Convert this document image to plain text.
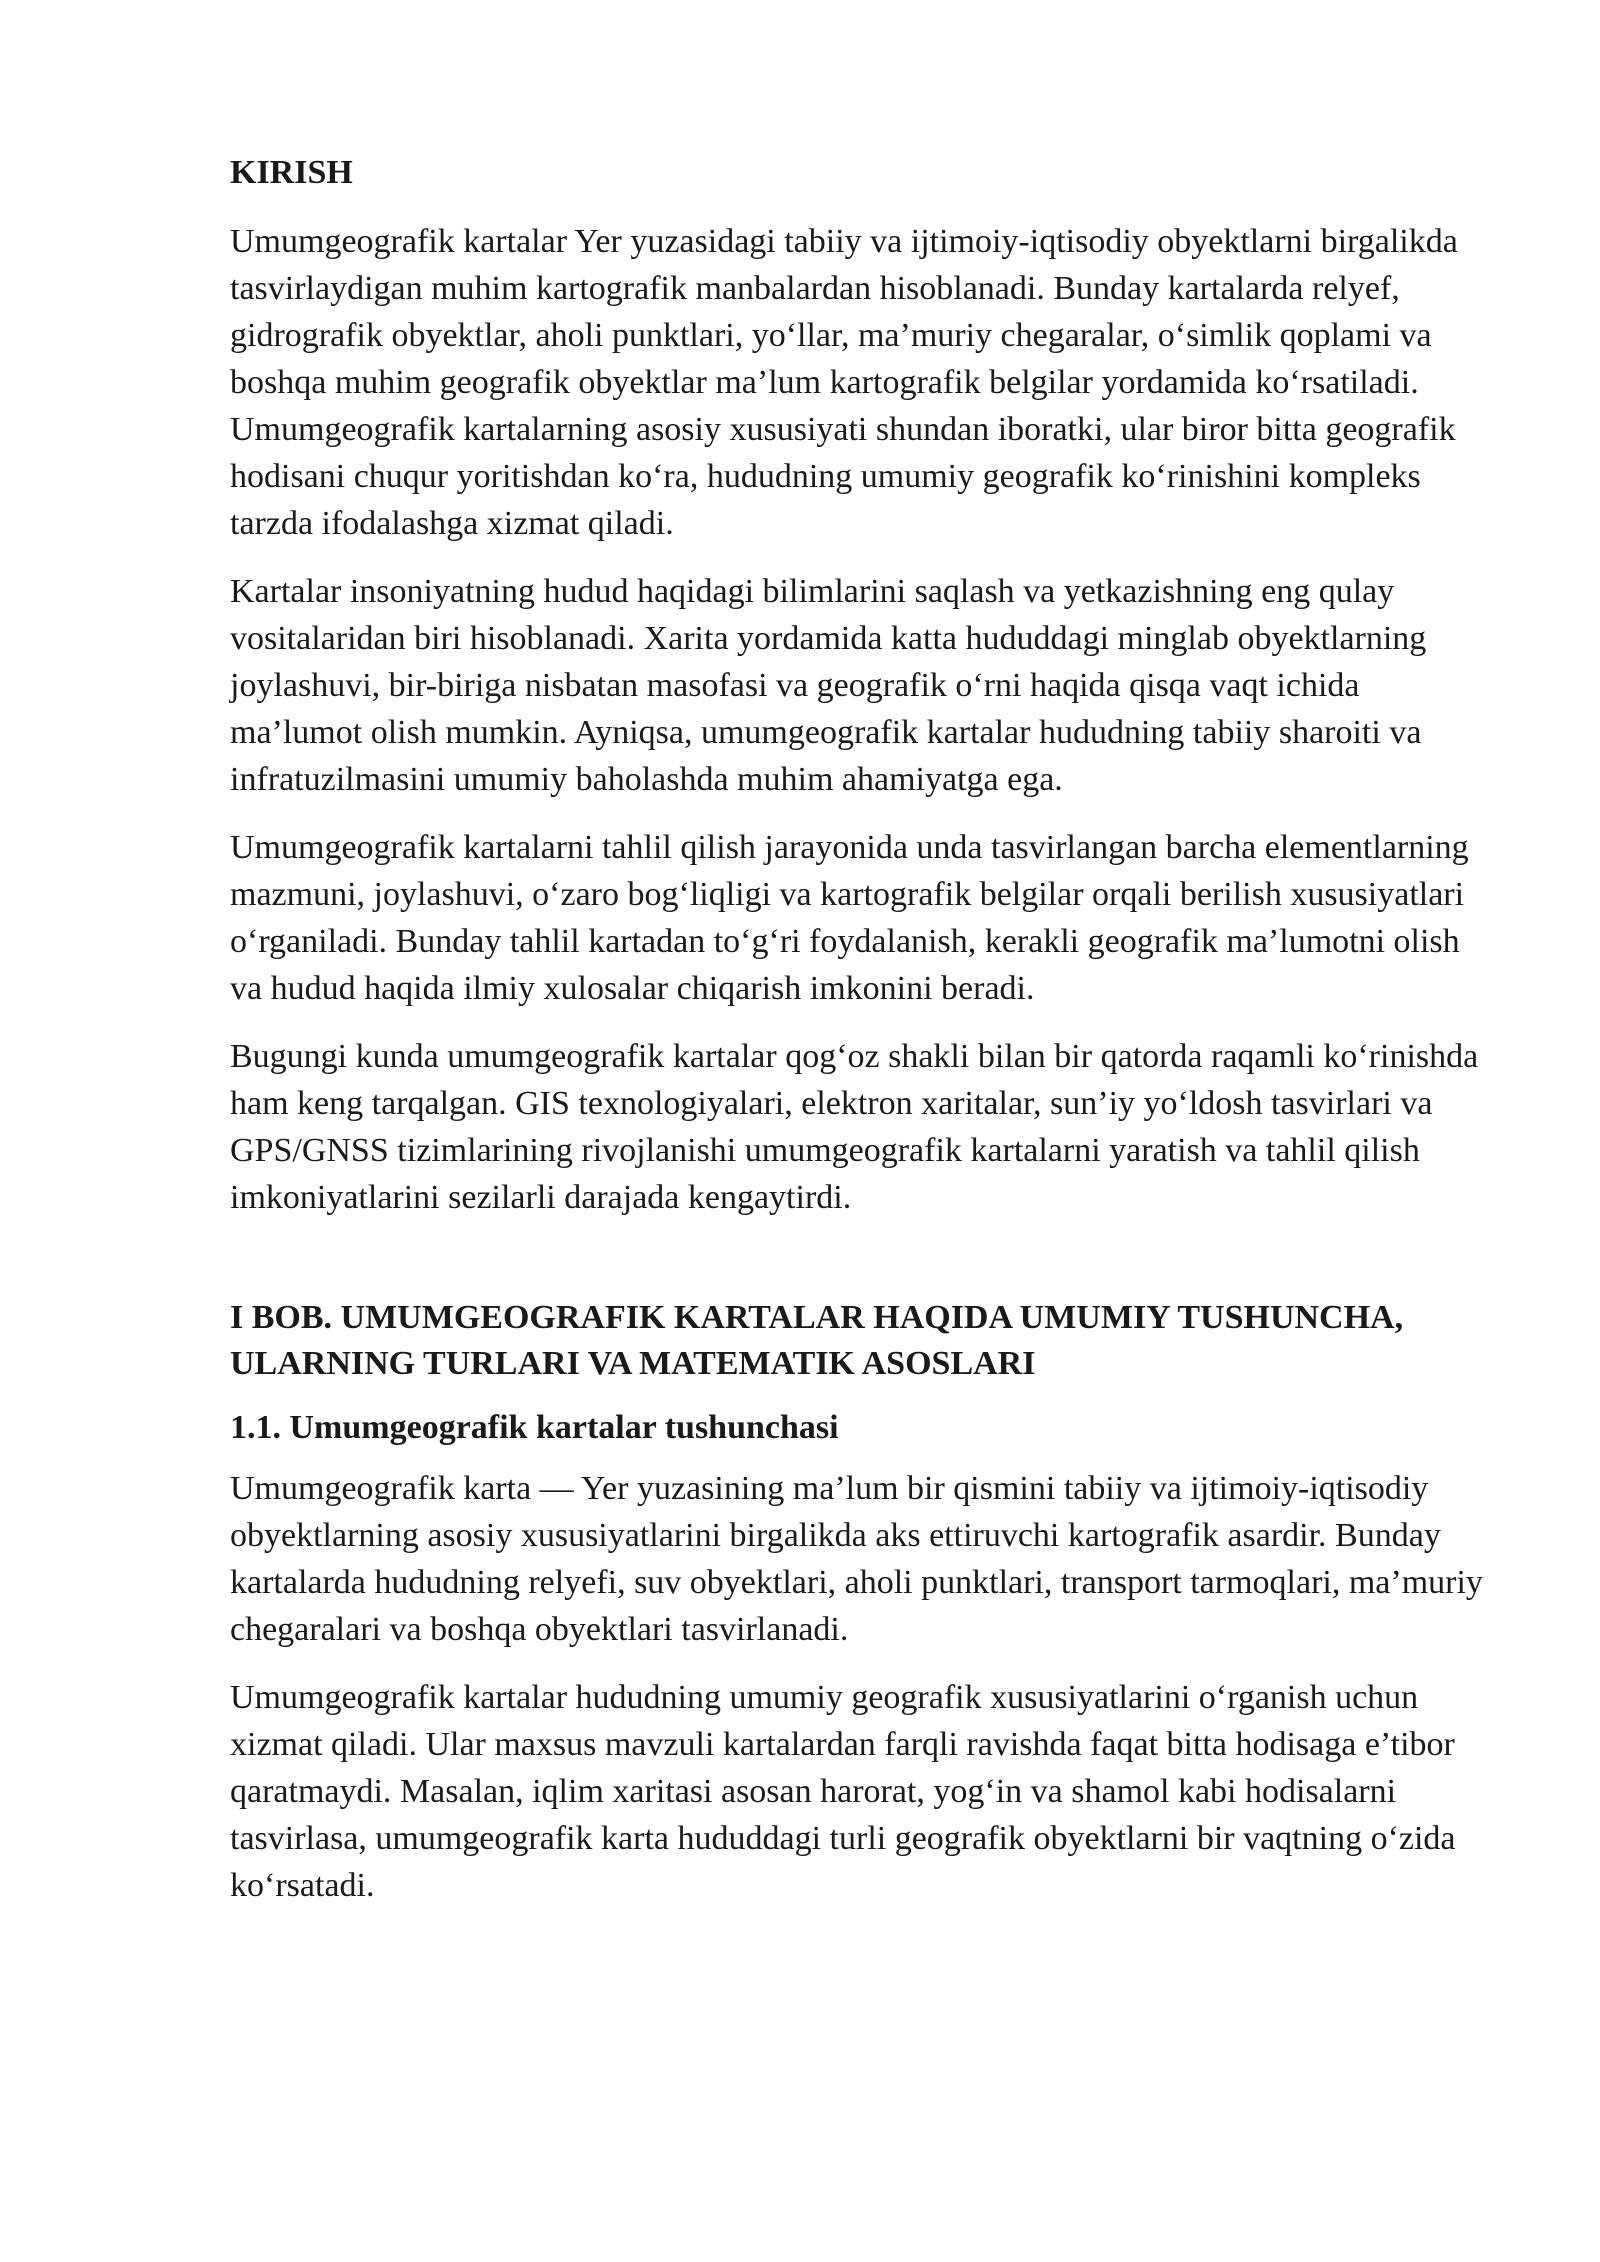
KIRISH

Umumgeografik kartalar Yer yuzasidagi tabiiy va ijtimoiy-iqtisodiy obyektlarni birgalikda tasvirlaydigan muhim kartografik manbalardan hisoblanadi. Bunday kartalarda relyef, gidrografik obyektlar, aholi punktlari, yo‘llar, ma’muriy chegaralar, o‘simlik qoplami va boshqa muhim geografik obyektlar ma’lum kartografik belgilar yordamida ko‘rsatiladi. Umumgeografik kartalarning asosiy xususiyati shundan iboratki, ular biror bitta geografik hodisani chuqur yoritishdan ko‘ra, hududning umumiy geografik ko‘rinishini kompleks tarzda ifodalashga xizmat qiladi.

Kartalar insoniyatning hudud haqidagi bilimlarini saqlash va yetkazishning eng qulay vositalaridan biri hisoblanadi. Xarita yordamida katta hududdagi minglab obyektlarning joylashuvi, bir-biriga nisbatan masofasi va geografik o‘rni haqida qisqa vaqt ichida ma’lumot olish mumkin. Ayniqsa, umumgeografik kartalar hududning tabiiy sharoiti va infratuzilmasini umumiy baholashda muhim ahamiyatga ega.

Umumgeografik kartalarni tahlil qilish jarayonida unda tasvirlangan barcha elementlarning mazmuni, joylashuvi, o‘zaro bog‘liqligi va kartografik belgilar orqali berilish xususiyatlari o‘rganiladi. Bunday tahlil kartadan to‘g‘ri foydalanish, kerakli geografik ma’lumotni olish va hudud haqida ilmiy xulosalar chiqarish imkonini beradi.

Bugungi kunda umumgeografik kartalar qog‘oz shakli bilan bir qatorda raqamli ko‘rinishda ham keng tarqalgan. GIS texnologiyalari, elektron xaritalar, sun’iy yo‘ldosh tasvirlari va GPS/GNSS tizimlarining rivojlanishi umumgeografik kartalarni yaratish va tahlil qilish imkoniyatlarini sezilarli darajada kengaytirdi.

I BOB. UMUMGEOGRAFIK KARTALAR HAQIDA UMUMIY TUSHUNCHA, ULARNING TURLARI VA MATEMATIK ASOSLARI
1.1. Umumgeografik kartalar tushunchasi

Umumgeografik karta — Yer yuzasining ma’lum bir qismini tabiiy va ijtimoiy-iqtisodiy obyektlarning asosiy xususiyatlarini birgalikda aks ettiruvchi kartografik asardir. Bunday kartalarda hududning relyefi, suv obyektlari, aholi punktlari, transport tarmoqlari, ma’muriy chegaralari va boshqa obyektlari tasvirlanadi.

Umumgeografik kartalar hududning umumiy geografik xususiyatlarini o‘rganish uchun xizmat qiladi. Ular maxsus mavzuli kartalardan farqli ravishda faqat bitta hodisaga e’tibor qaratmaydi. Masalan, iqlim xaritasi asosan harorat, yog‘in va shamol kabi hodisalarni tasvirlasa, umumgeografik karta hududdagi turli geografik obyektlarni bir vaqtning o‘zida ko‘rsatadi.
